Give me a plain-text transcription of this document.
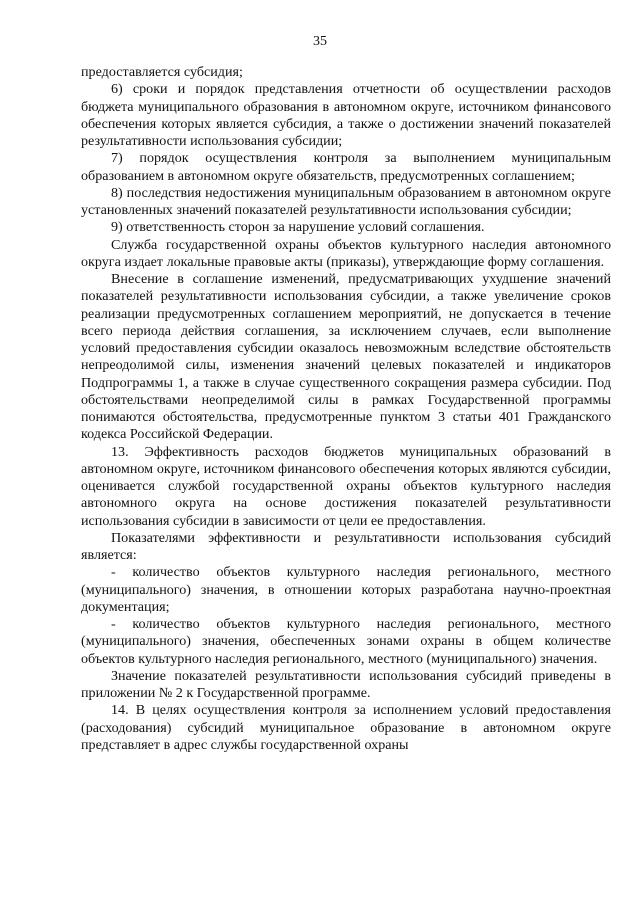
35

предоставляется субсидия;

6) сроки и порядок представления отчетности об осуществлении расходов бюджета муниципального образования в автономном округе, источником финансового обеспечения которых является субсидия, а также о достижении значений показателей результативности использования субсидии;

7) порядок осуществления контроля за выполнением муниципальным образованием в автономном округе обязательств, предусмотренных соглашением;

8) последствия недостижения муниципальным образованием в автономном округе установленных значений показателей результативности использования субсидии;

9) ответственность сторон за нарушение условий соглашения.

Служба государственной охраны объектов культурного наследия автономного округа издает локальные правовые акты (приказы), утверждающие форму соглашения.

Внесение в соглашение изменений, предусматривающих ухудшение значений показателей результативности использования субсидии, а также увеличение сроков реализации предусмотренных соглашением мероприятий, не допускается в течение всего периода действия соглашения, за исключением случаев, если выполнение условий предоставления субсидии оказалось невозможным вследствие обстоятельств непреодолимой силы, изменения значений целевых показателей и индикаторов Подпрограммы 1, а также в случае существенного сокращения размера субсидии. Под обстоятельствами неопределимой силы в рамках Государственной программы понимаются обстоятельства, предусмотренные пунктом 3 статьи 401 Гражданского кодекса Российской Федерации.

13. Эффективность расходов бюджетов муниципальных образований в автономном округе, источником финансового обеспечения которых являются субсидии, оценивается службой государственной охраны объектов культурного наследия автономного округа на основе достижения показателей результативности использования субсидии в зависимости от цели ее предоставления.

Показателями эффективности и результативности использования субсидий является:

- количество объектов культурного наследия регионального, местного (муниципального) значения, в отношении которых разработана научно-проектная документация;

- количество объектов культурного наследия регионального, местного (муниципального) значения, обеспеченных зонами охраны в общем количестве объектов культурного наследия регионального, местного (муниципального) значения.

Значение показателей результативности использования субсидий приведены в приложении № 2 к Государственной программе.

14. В целях осуществления контроля за исполнением условий предоставления (расходования) субсидий муниципальное образование в автономном округе представляет в адрес службы государственной охраны
